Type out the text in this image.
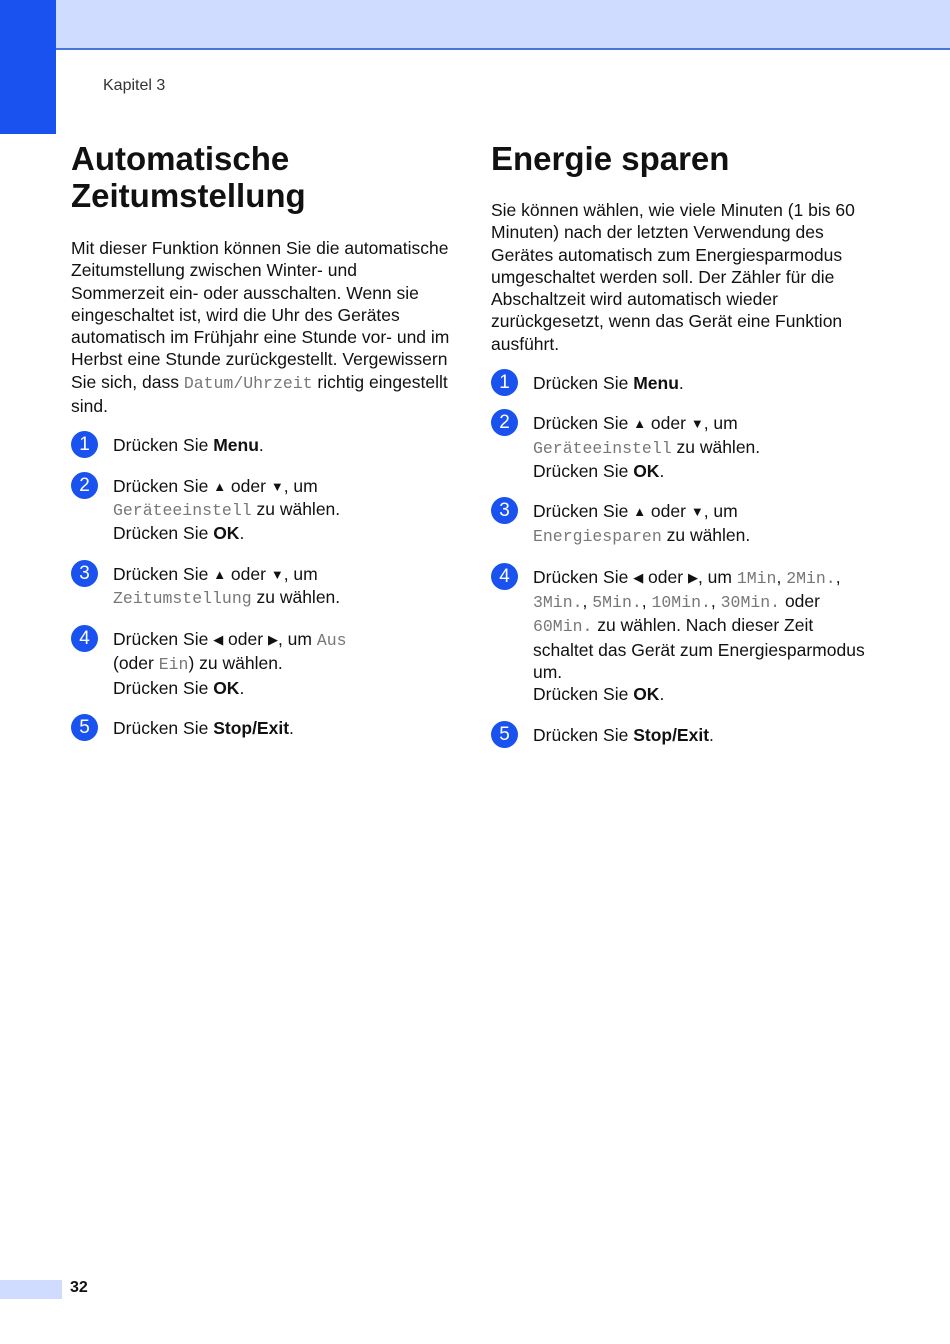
Kapitel 3
Automatische
Zeitumstellung

Mit dieser Funktion können Sie die automatische Zeitumstellung zwischen Winter- und Sommerzeit ein- oder ausschalten. Wenn sie eingeschaltet ist, wird die Uhr des Gerätes automatisch im Frühjahr eine Stunde vor- und im Herbst eine Stunde zurückgestellt. Vergewissern Sie sich, dass Datum/Uhrzeit richtig eingestellt sind.

1	Drücken Sie Menu.
2	Drücken Sie ▲ oder ▼, um
Geräteeinstell zu wählen.
Drücken Sie OK.
3	Drücken Sie ▲ oder ▼, um
Zeitumstellung zu wählen.
4	Drücken Sie ◀ oder ▶, um Aus
(oder Ein) zu wählen.
Drücken Sie OK.
5	Drücken Sie Stop/Exit.
Energie sparen

Sie können wählen, wie viele Minuten (1 bis 60 Minuten) nach der letzten Verwendung des Gerätes automatisch zum Energiesparmodus umgeschaltet werden soll. Der Zähler für die Abschaltzeit wird automatisch wieder zurückgesetzt, wenn das Gerät eine Funktion ausführt.

1	Drücken Sie Menu.
2	Drücken Sie ▲ oder ▼, um
Geräteeinstell zu wählen.
Drücken Sie OK.
3	Drücken Sie ▲ oder ▼, um
Energiesparen zu wählen.
4	Drücken Sie ◀ oder ▶, um 1Min, 2Min.,
3Min., 5Min., 10Min., 30Min. oder
60Min. zu wählen. Nach dieser Zeit schaltet das Gerät zum Energiesparmodus um.
Drücken Sie OK.
5	Drücken Sie Stop/Exit.
32
